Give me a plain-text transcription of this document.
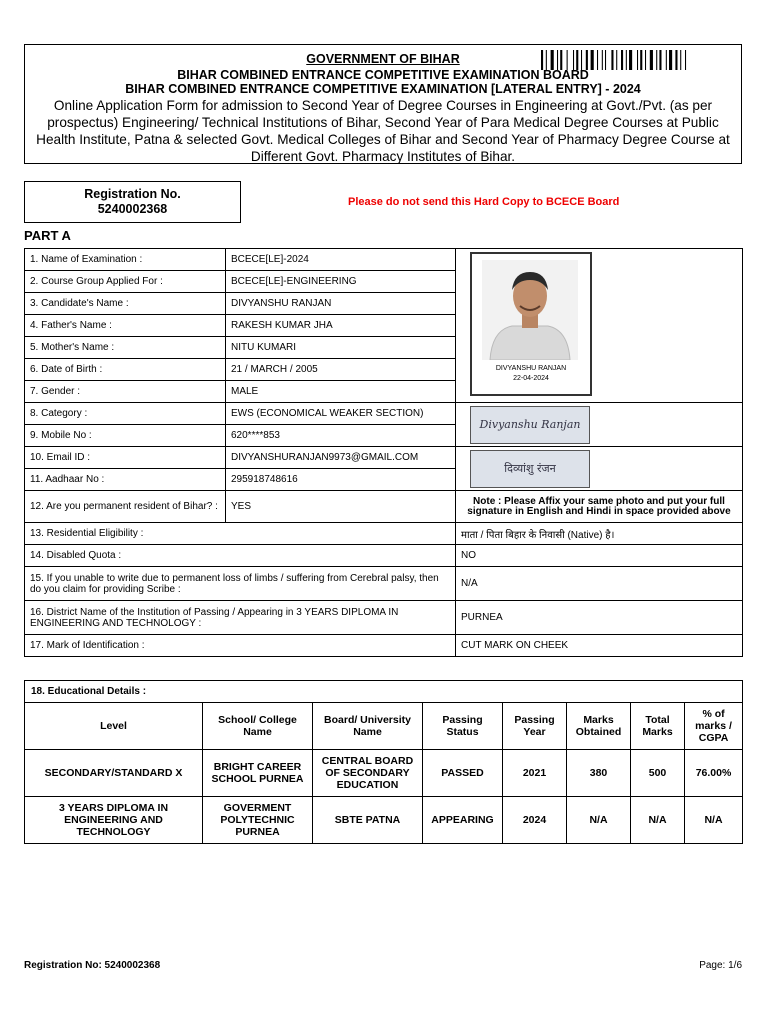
GOVERNMENT OF BIHAR
BIHAR COMBINED ENTRANCE COMPETITIVE EXAMINATION BOARD
BIHAR COMBINED ENTRANCE COMPETITIVE EXAMINATION [LATERAL ENTRY] - 2024
Online Application Form for admission to Second Year of Degree Courses in Engineering at Govt./Pvt. (as per prospectus) Engineering/ Technical Institutions of Bihar, Second Year of Para Medical Degree Courses at Public Health Institute, Patna & selected Govt. Medical Colleges of Bihar and Second Year of Pharmacy Degree Course at Different Govt. Pharmacy Institutes of Bihar.
Registration No.
5240002368	Please do not send this Hard Copy to BCECE Board
PART A
1. Name of Examination :	BCECE[LE]-2024	DIVYANSHU RANJAN
22-04-2024

2. Course Group Applied For :	BCECE[LE]-ENGINEERING	
3. Candidate's Name :	DIVYANSHU RANJAN	
4. Father's Name :	RAKESH KUMAR JHA	
5. Mother's Name :	NITU KUMARI	
6. Date of Birth :	21 / MARCH / 2005	
7. Gender :	MALE	
8. Category :	EWS (ECONOMICAL WEAKER SECTION)	Divyanshu Ranjan

9. Mobile No :	620****853	
10. Email ID :	DIVYANSHURANJAN9973@GMAIL.COM	दिव्यांशु रंजन

11. Aadhaar No :	295918748616	
12. Are you permanent resident of Bihar? :	YES	Note : Please Affix your same photo and put your full signature in English and Hindi in space provided above
13. Residential Eligibility :		माता / पिता बिहार के निवासी (Native) है।
14. Disabled Quota :		NO
15. If you unable to write due to permanent loss of limbs / suffering from Cerebral palsy, then do you claim for providing Scribe :		N/A
16. District Name of the Institution of Passing / Appearing in 3 YEARS DIPLOMA IN ENGINEERING AND TECHNOLOGY :		PURNEA
17. Mark of Identification :		CUT MARK ON CHEEK
18. Educational Details :							
Level	School/ College Name	Board/ University Name	Passing Status	Passing Year	Marks Obtained	Total Marks	% of marks / CGPA
SECONDARY/STANDARD X	BRIGHT CAREER SCHOOL PURNEA	CENTRAL BOARD OF SECONDARY EDUCATION	PASSED	2021	380	500	76.00%
3 YEARS DIPLOMA IN ENGINEERING AND TECHNOLOGY	GOVERMENT POLYTECHNIC PURNEA	SBTE PATNA	APPEARING	2024	N/A	N/A	N/A
Registration No: 5240002368	Page: 1/6
